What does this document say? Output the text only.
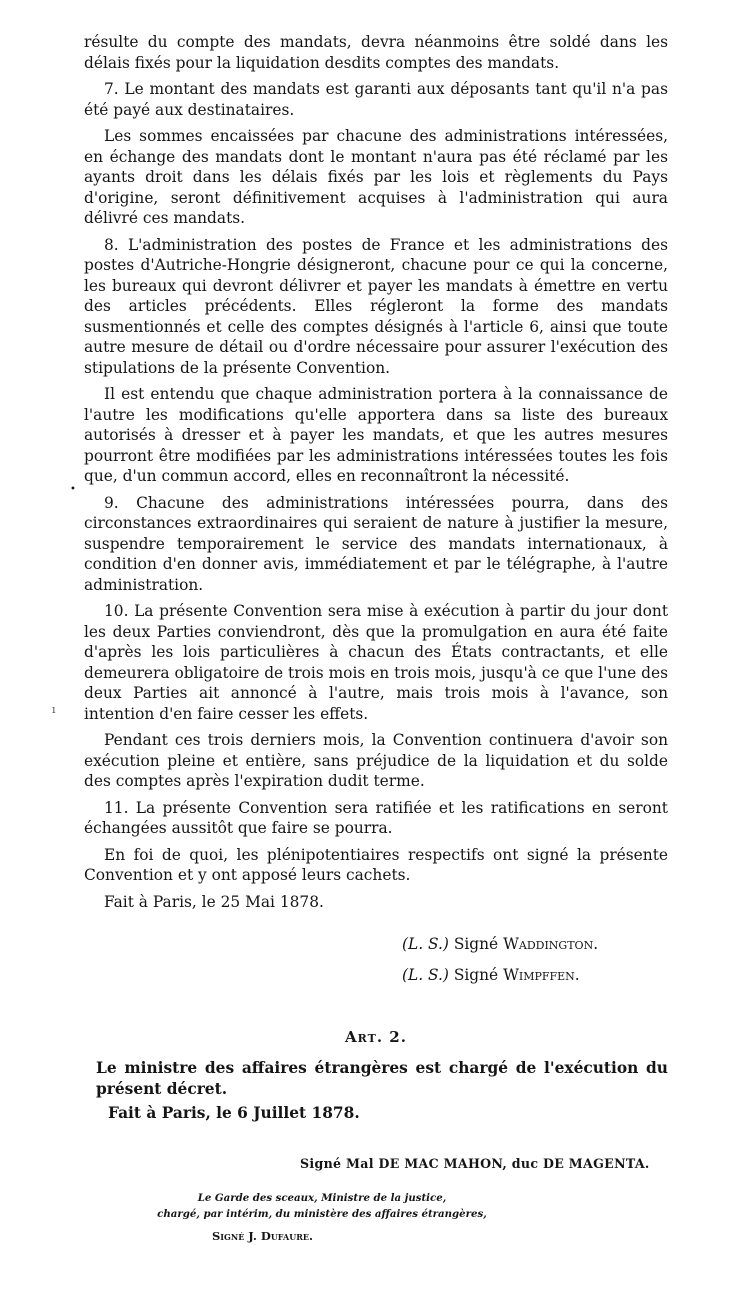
résulte du compte des mandats, devra néanmoins être soldé dans les délais fixés pour la liquidation desdits comptes des mandats.

7. Le montant des mandats est garanti aux déposants tant qu'il n'a pas été payé aux destinataires.

Les sommes encaissées par chacune des administrations intéressées, en échange des mandats dont le montant n'aura pas été réclamé par les ayants droit dans les délais fixés par les lois et règlements du Pays d'origine, seront définitivement acquises à l'administration qui aura délivré ces mandats.

8. L'administration des postes de France et les administrations des postes d'Autriche-Hongrie désigneront, chacune pour ce qui la concerne, les bureaux qui devront délivrer et payer les mandats à émettre en vertu des articles précédents. Elles régleront la forme des mandats susmentionnés et celle des comptes désignés à l'article 6, ainsi que toute autre mesure de détail ou d'ordre nécessaire pour assurer l'exécution des stipulations de la présente Convention.

Il est entendu que chaque administration portera à la connaissance de l'autre les modifications qu'elle apportera dans sa liste des bureaux autorisés à dresser et à payer les mandats, et que les autres mesures pourront être modifiées par les administrations intéressées toutes les fois que, d'un commun accord, elles en reconnaîtront la nécessité.

9. Chacune des administrations intéressées pourra, dans des circonstances extraordinaires qui seraient de nature à justifier la mesure, suspendre temporairement le service des mandats internationaux, à condition d'en donner avis, immédiatement et par le télégraphe, à l'autre administration.

10. La présente Convention sera mise à exécution à partir du jour dont les deux Parties conviendront, dès que la promulgation en aura été faite d'après les lois particulières à chacun des États contractants, et elle demeurera obligatoire de trois mois en trois mois, jusqu'à ce que l'une des deux Parties ait annoncé à l'autre, mais trois mois à l'avance, son intention d'en faire cesser les effets.

Pendant ces trois derniers mois, la Convention continuera d'avoir son exécution pleine et entière, sans préjudice de la liquidation et du solde des comptes après l'expiration dudit terme.

11. La présente Convention sera ratifiée et les ratifications en seront échangées aussitôt que faire se pourra.

En foi de quoi, les plénipotentiaires respectifs ont signé la présente Convention et y ont apposé leurs cachets.

Fait à Paris, le 25 Mai 1878.

•
ı
(L. S.) Signé Waddington.
(L. S.) Signé Wimpffen.
Art. 2.

Le ministre des affaires étrangères est chargé de l'exécution du présent décret.

Fait à Paris, le 6 Juillet 1878.

Signé Mal DE MAC MAHON, duc DE MAGENTA.
Le Garde des sceaux, Ministre de la justice,
chargé, par intérim, du ministère des affaires étrangères,
Signé J. Dufaure.
